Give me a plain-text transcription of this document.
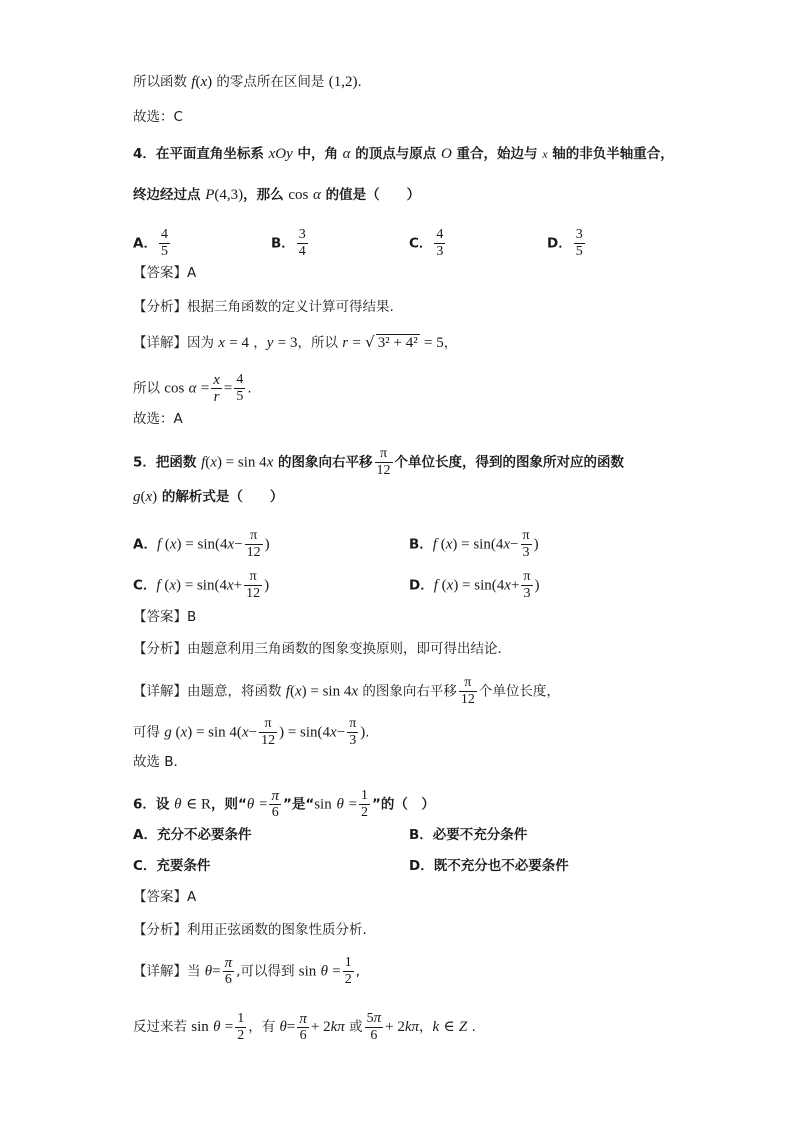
所以函数 f(x) 的零点所在区间是 (1,2).
故选：C
4．在平面直角坐标系 xOy 中，角 α 的顶点与原点 O 重合，始边与 x 轴的非负半轴重合，
终边经过点 P(4,3)，那么 cos α 的值是（　　）
A． $\frac{4}{5}$	B． $\frac{3}{4}$	C． $\frac{4}{3}$	D． $\frac{3}{5}$
【答案】A
【分析】根据三角函数的定义计算可得结果.
【详解】因为 x = 4 ，y = 3，所以 r = √ 3² + 4² = 5，
所以 $\cos \alpha = \frac{x}{r} = \frac{4}{5}$ .
故选：A
5．把函数 f(x) = sin 4x 的图象向右平移 $\frac{\pi}{12}$ 个单位长度，得到的图象所对应的函数
g(x) 的解析式是（　　）
A．f $(x) = \sin(4x- \frac{\pi}{12}$ )	B．f $(x) = \sin(4x- \frac{\pi}{3}$ )
C．f $(x) = \sin(4x+ \frac{\pi}{12}$ )	D．f $(x) = \sin(4x+ \frac{\pi}{3}$ )
【答案】B
【分析】由题意利用三角函数的图象变换原则，即可得出结论．
【详解】由题意，将函数 f(x) = sin 4x 的图象向右平移 $\frac{\pi}{12}$ 个单位长度，
可得 g $(x) = \sin 4(x- \frac{\pi}{12}$ ) = $\sin(4x- \frac{\pi}{3}$ ).
故选 B．
6．设 θ ∈ R，则“$\theta = \frac{\pi}{6}$ ”是“sin $\theta = \frac{1}{2}$ ”的（　）
A．充分不必要条件	B．必要不充分条件
C．充要条件	D．既不充分也不必要条件
【答案】A
【分析】利用正弦函数的图象性质分析.
【详解】当 $\theta= \frac{\pi}{6}$ ,可以得到 $\sin \theta = \frac{1}{2}$ ,
反过来若 $\sin \theta = \frac{1}{2}$ ，有 $\theta= \frac{\pi}{6} + 2k\pi$ 或 $\frac{5\pi}{6} + 2k\pi$，k ∈ Z .
